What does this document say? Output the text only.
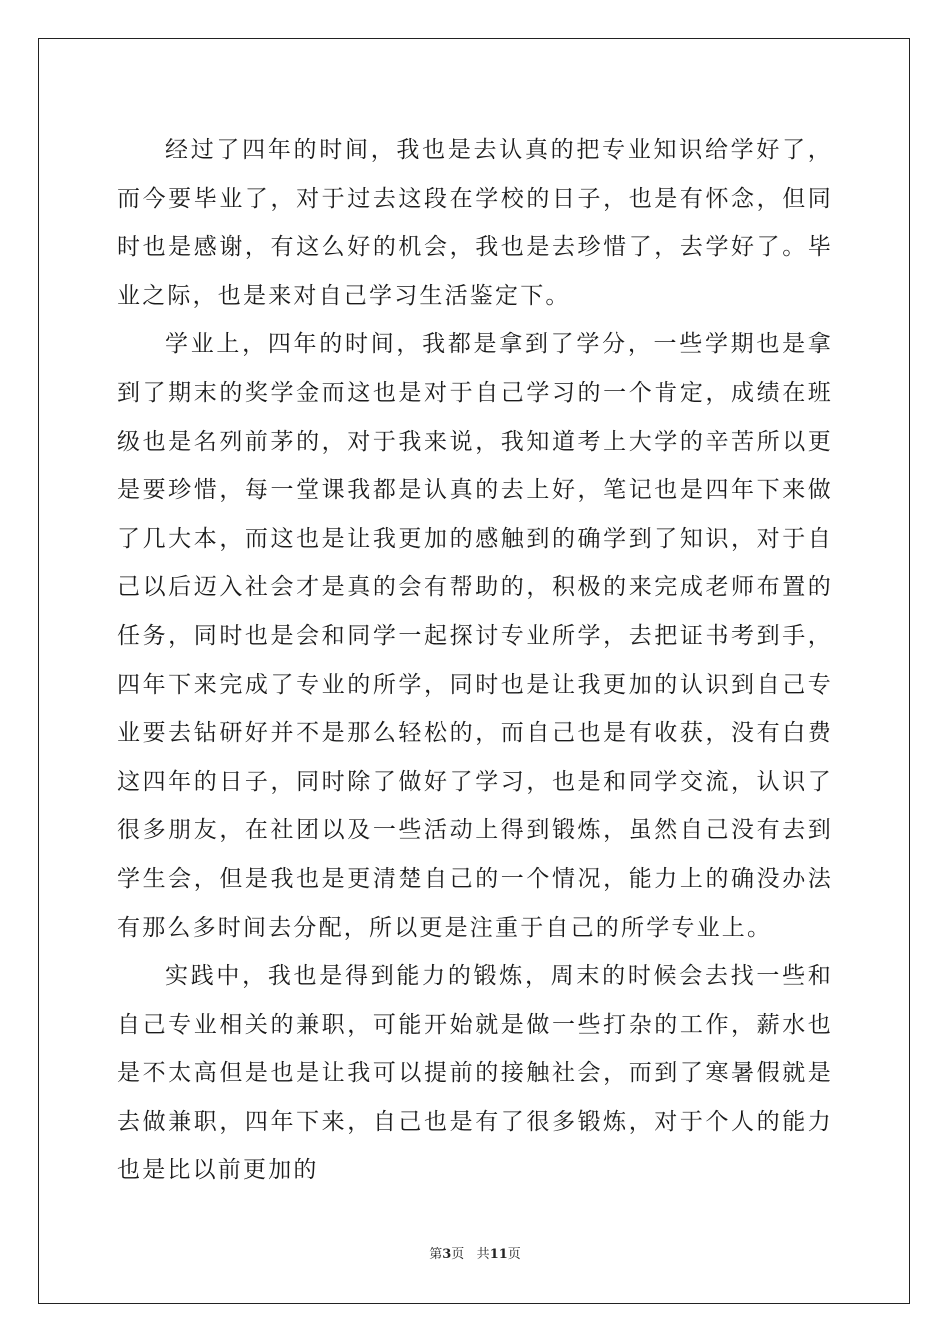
经过了四年的时间，我也是去认真的把专业知识给学好了，而今要毕业了，对于过去这段在学校的日子，也是有怀念，但同时也是感谢，有这么好的机会，我也是去珍惜了，去学好了。毕业之际，也是来对自己学习生活鉴定下。

学业上，四年的时间，我都是拿到了学分，一些学期也是拿到了期末的奖学金而这也是对于自己学习的一个肯定，成绩在班级也是名列前茅的，对于我来说，我知道考上大学的辛苦所以更是要珍惜，每一堂课我都是认真的去上好，笔记也是四年下来做了几大本，而这也是让我更加的感触到的确学到了知识，对于自己以后迈入社会才是真的会有帮助的，积极的来完成老师布置的任务，同时也是会和同学一起探讨专业所学，去把证书考到手，四年下来完成了专业的所学，同时也是让我更加的认识到自己专业要去钻研好并不是那么轻松的，而自己也是有收获，没有白费这四年的日子，同时除了做好了学习，也是和同学交流，认识了很多朋友，在社团以及一些活动上得到锻炼，虽然自己没有去到学生会，但是我也是更清楚自己的一个情况，能力上的确没办法有那么多时间去分配，所以更是注重于自己的所学专业上。

实践中，我也是得到能力的锻炼，周末的时候会去找一些和自己专业相关的兼职，可能开始就是做一些打杂的工作，薪水也是不太高但是也是让我可以提前的接触社会，而到了寒暑假就是去做兼职，四年下来，自己也是有了很多锻炼，对于个人的能力也是比以前更加的

第3页 共11页
